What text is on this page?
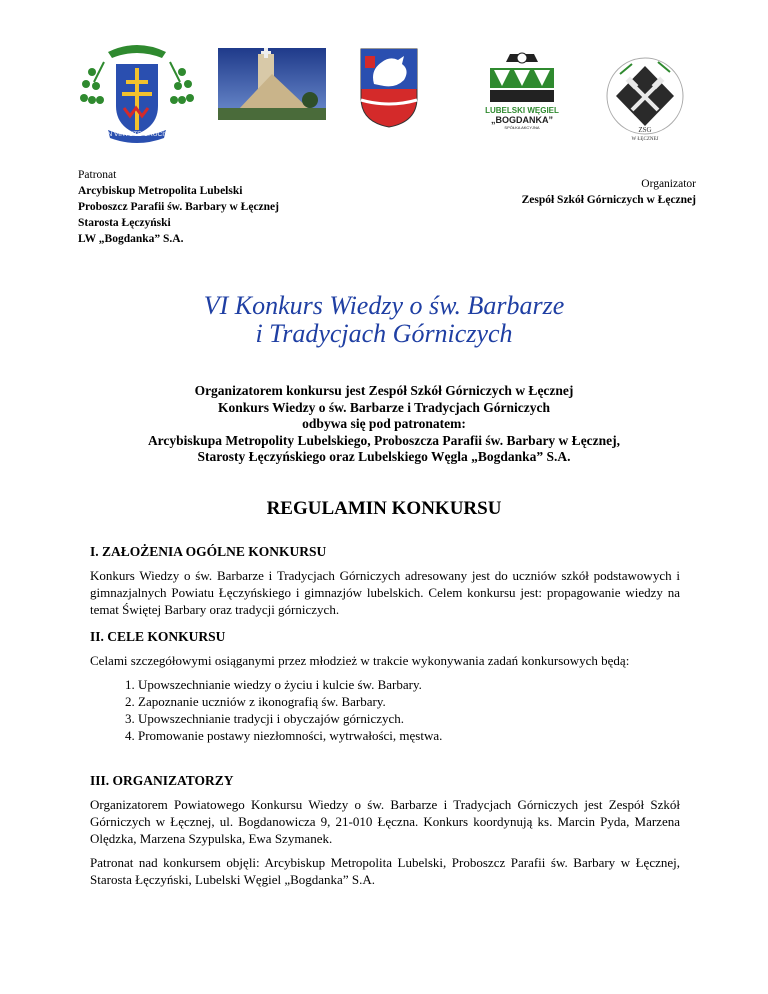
IN VIRTUTE CRUCIS
LUBELSKI WĘGIEL
„BOGDANKA”
SPÓŁKA AKCYJNA	ZSG
W ŁĘCZNEJ
Patronat
Arcybiskup Metropolita Lubelski
Proboszcz Parafii św. Barbary w Łęcznej
Starosta Łęczyński
LW „Bogdanka” S.A.
Organizator
Zespół Szkół Górniczych w Łęcznej
VI Konkurs Wiedzy o św. Barbarze
i Tradycjach Górniczych
Organizatorem konkursu jest Zespół Szkół Górniczych w Łęcznej
Konkurs Wiedzy o św. Barbarze i Tradycjach Górniczych
odbywa się pod patronatem:
Arcybiskupa Metropolity Lubelskiego, Proboszcza Parafii św. Barbary w Łęcznej,
Starosty Łęczyńskiego oraz Lubelskiego Węgla „Bogdanka” S.A.
REGULAMIN KONKURSU
I. ZAŁOŻENIA OGÓLNE KONKURSU

Konkurs Wiedzy o św. Barbarze i Tradycjach Górniczych adresowany jest do uczniów szkół podstawowych i gimnazjalnych Powiatu Łęczyńskiego i gimnazjów lubelskich. Celem konkursu jest: propagowanie wiedzy na temat Świętej Barbary oraz tradycji górniczych.

II. CELE KONKURSU

Celami szczegółowymi osiąganymi przez młodzież w trakcie wykonywania zadań konkursowych będą:

1. Upowszechnianie wiedzy o życiu i kulcie św. Barbary.
2. Zapoznanie uczniów z ikonografią św. Barbary.
3. Upowszechnianie tradycji i obyczajów górniczych.
4. Promowanie postawy niezłomności, wytrwałości, męstwa.
III. ORGANIZATORZY

Organizatorem Powiatowego Konkursu Wiedzy o św. Barbarze i Tradycjach Górniczych jest Zespół Szkół Górniczych w Łęcznej, ul. Bogdanowicza 9, 21-010 Łęczna. Konkurs koordynują ks. Marcin Pyda, Marzena Olędzka, Marzena Szypulska, Ewa Szymanek.

Patronat nad konkursem objęli: Arcybiskup Metropolita Lubelski, Proboszcz Parafii św. Barbary w Łęcznej, Starosta Łęczyński, Lubelski Węgiel „Bogdanka” S.A.
